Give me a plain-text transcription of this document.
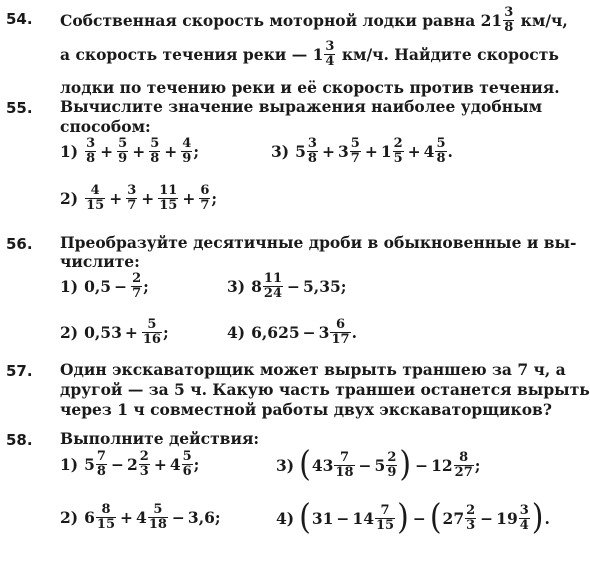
54. Собственная скорость моторной лодки равна $21 \frac{3}{8} км/ч$,
а скорость течения реки — $1 \frac{3}{4} км/ч$. Найдите скорость
лодки по течению реки и её скорость против течения.
55. Вычислите значение выражения наиболее удобным
способом:
$1) \frac{3}{8} + \frac{5}{9} + \frac{5}{8} + \frac{4}{9}$ ;	3) $5 \frac{3}{8} + 3 \frac{5}{7} + 1 \frac{2}{5} + 4 \frac{5}{8}$ .
$2) \frac{4}{15} + \frac{3}{7} + \frac{11}{15} + \frac{6}{7}$ ;
56. Преобразуйте десятичные дроби в обыкновенные и вы-
числите:
1) $0,5 - \frac{2}{7}$ ;	3) $8 \frac{11}{24} - 5,35$ ;
2) $0,53 + \frac{5}{16}$ ;	4) $6,625 - 3 \frac{6}{17}$ .
57. Один экскаваторщик может вырыть траншею за 7 ч, а
другой — за 5 ч. Какую часть траншеи останется вырыть
через 1 ч совместной работы двух экскаваторщиков?
58. Выполните действия:
1) $5 \frac{7}{8} - 2 \frac{2}{3} + 4 \frac{5}{6}$ ;	3) ( $43 \frac{7}{18} - 5 \frac{2}{9}$ ) − $12 \frac{8}{27}$ ;
2) $6 \frac{8}{15} + 4 \frac{5}{18} - 3,6$ ;	4) ( $31 - 14 \frac{7}{15}$ ) − ( $27 \frac{2}{3} - 19 \frac{3}{4}$ ) .
